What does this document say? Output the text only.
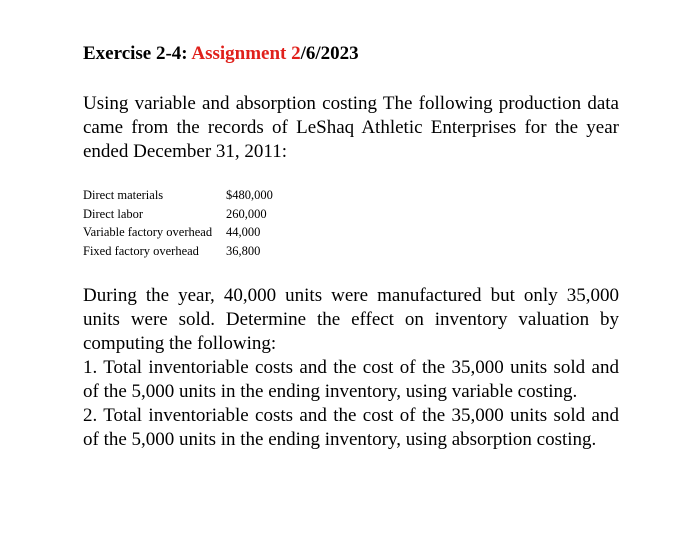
Exercise 2-4: Assignment 2/6/2023

Using variable and absorption costing The following production data came from the records of LeShaq Athletic Enterprises for the year ended December 31, 2011:

Direct materials	$480,000
Direct labor	260,000
Variable factory overhead	44,000
Fixed factory overhead	36,800

During the year, 40,000 units were manufactured but only 35,000 units were sold. Determine the effect on inventory valuation by computing the following:

1. Total inventoriable costs and the cost of the 35,000 units sold and of the 5,000 units in the ending inventory, using variable costing.

2. Total inventoriable costs and the cost of the 35,000 units sold and of the 5,000 units in the ending inventory, using absorption costing.
